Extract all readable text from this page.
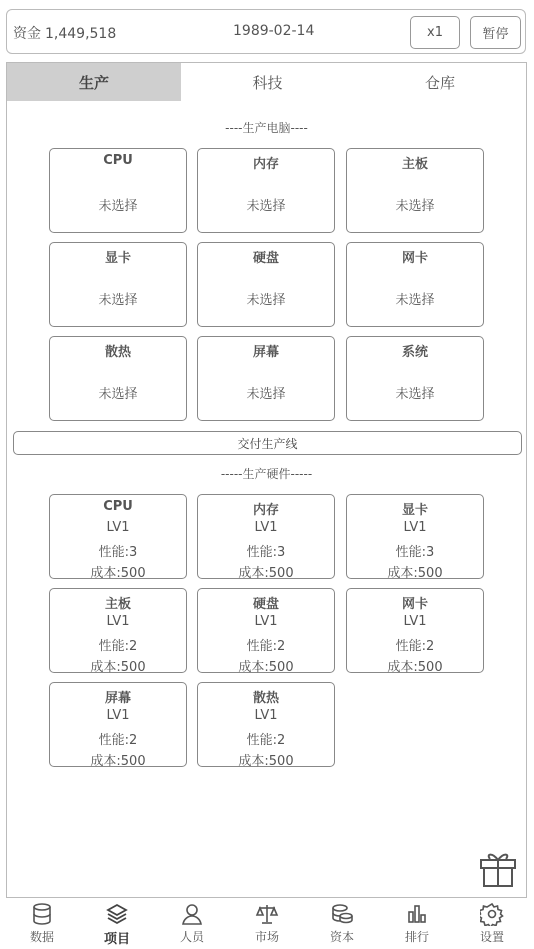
资金 1,449,518	1989-02-14	x1	暂停
生产	科技	仓库
----生产电脑----
CPU
未选择
内存
未选择
主板
未选择
显卡
未选择
硬盘
未选择
网卡
未选择
散热
未选择
屏幕
未选择
系统
未选择
交付生产线
-----生产硬件-----
CPU
LV1
性能:3
成本:500
内存
LV1
性能:3
成本:500
显卡
LV1
性能:3
成本:500
主板
LV1
性能:2
成本:500
硬盘
LV1
性能:2
成本:500
网卡
LV1
性能:2
成本:500
屏幕
LV1
性能:2
成本:500
散热
LV1
性能:2
成本:500
数据	项目	人员	市场	资本	排行	设置
